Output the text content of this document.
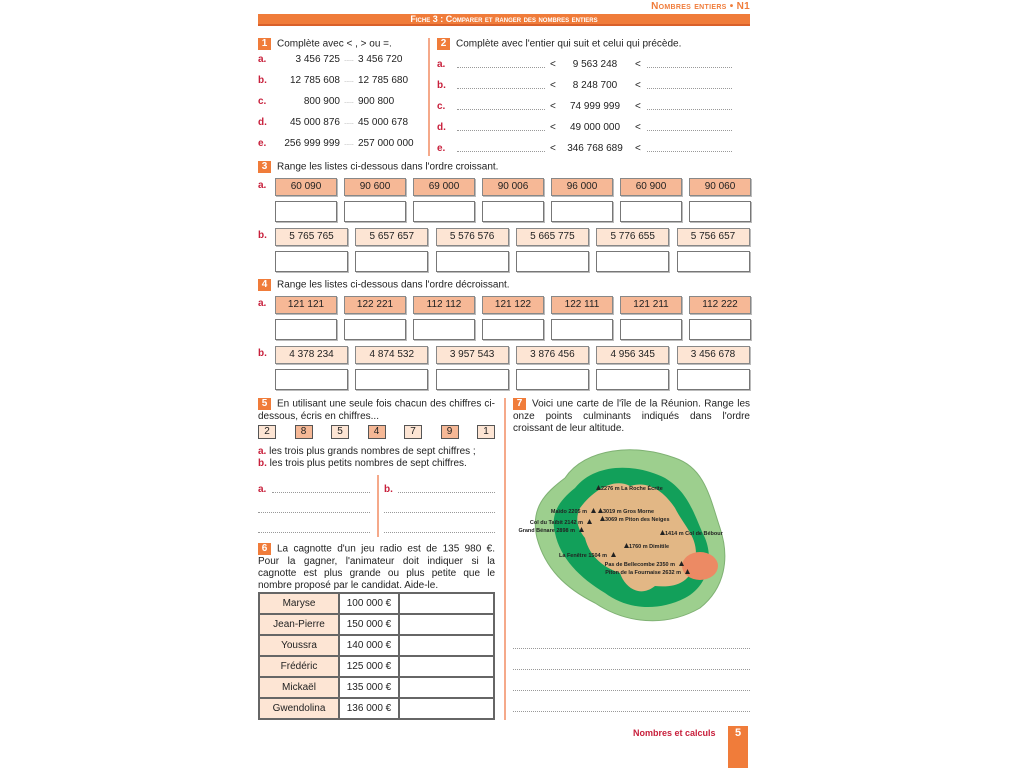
Nombres entiers • N1
Fiche 3 : Comparer et ranger des nombres entiers
1 Complète avec < , > ou =.
a.	3 456 725 ..... 3 456 720
b. 12 785 608 ..... 12 785 680
c.	800 900 ..... 900 800
d. 45 000 876 ..... 45 000 678
e. 256 999 999 ..... 257 000 000
2 Complète avec l'entier qui suit et celui qui précède.
a.	<	9 563 248	<
b.	<	8 248 700	<
c.	<	74 999 999	<
d.	<	49 000 000	<
e.	<	346 768 689	<
3 Range les listes ci-dessous dans l'ordre croissant.
a.
b.
60 090	90 600	69 000	90 006	96 000	60 900	90 060
5 765 765	5 657 657	5 576 576	5 665 775	5 776 655	5 756 657
4 Range les listes ci-dessous dans l'ordre décroissant.
a.
b.
121 121	122 221	112 112	121 122	122 111	121 211	112 222
4 378 234	4 874 532	3 957 543	3 876 456	4 956 345	3 456 678
5 En utilisant une seule fois chacun des chiffres ci-dessous, écris en chiffres...
2	8	5	4	7	9	1
a. les trois plus grands nombres de sept chiffres ;
b. les trois plus petits nombres de sept chiffres.
a.	b.
6 La cagnotte d'un jeu radio est de 135 980 €. Pour la gagner, l'animateur doit indiquer si la cagnotte est plus grande ou plus petite que le nombre proposé par le candidat. Aide-le.
Maryse	100 000 €	
Jean-Pierre	150 000 €	
Youssra	140 000 €	
Frédéric	125 000 €	
Mickaël	135 000 €	
Gwendolina	136 000 €	
7 Voici une carte de l'île de la Réunion. Range les onze points culminants indiqués dans l'ordre croissant de leur altitude.
2276 m La Roche Écrite
Maïdo 2205 m	3019 m Gros Morne
3069 m Piton des Neiges
Col du Taïbit 2142 m
Grand Bénare 2898 m	1414 m Col de Bébour
La Fenêtre 1504 m
1760 m Dimitile
Pas de Bellecombe 2350 m
Piton de la Fournaise 2632 m
Nombres et calculs	5
